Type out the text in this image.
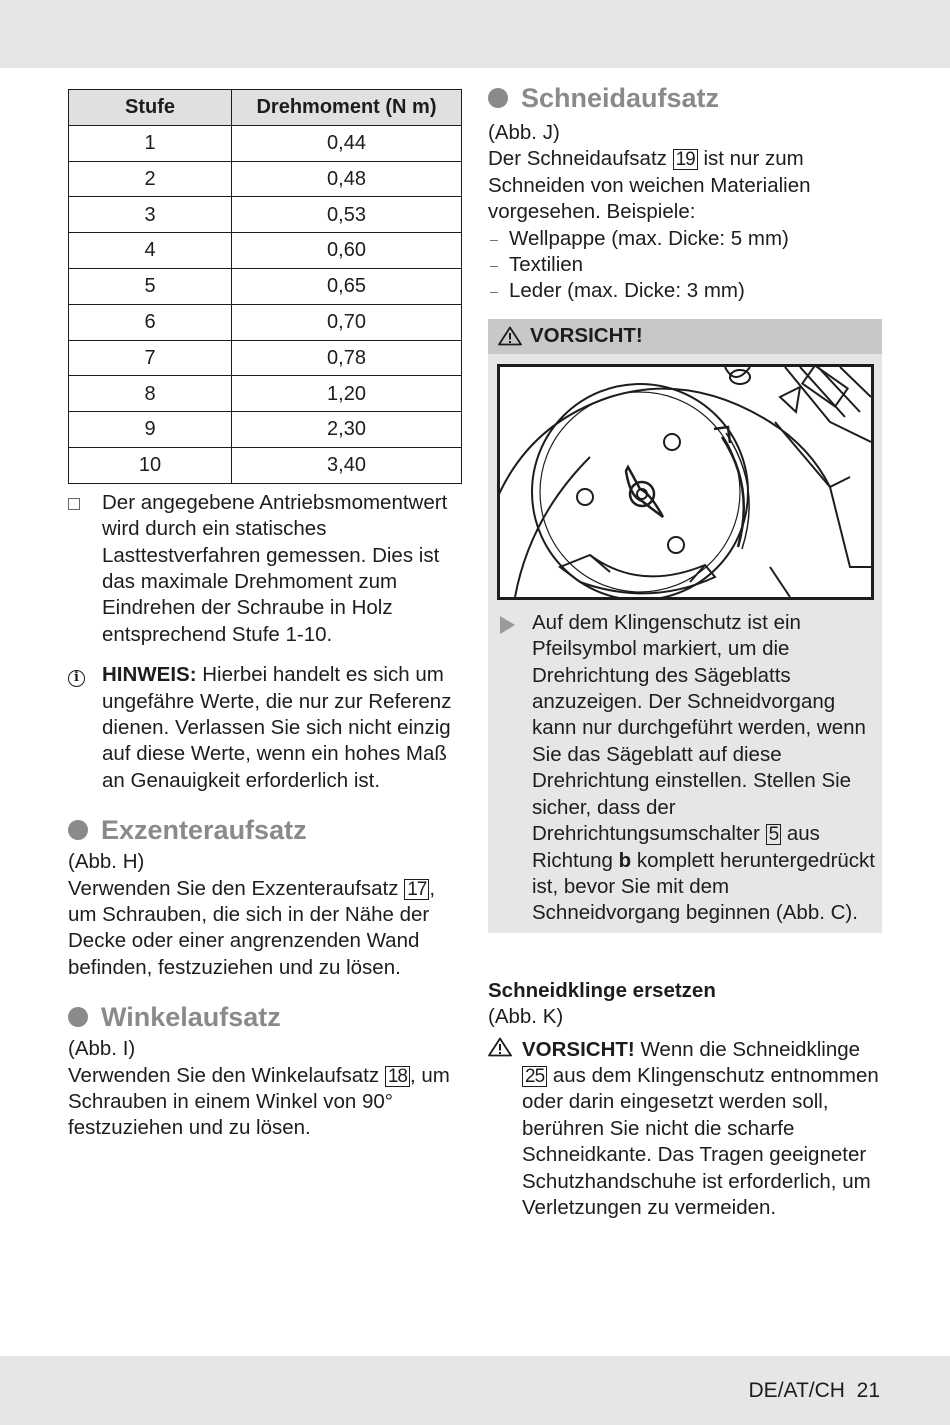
Stufe	Drehmoment (N m)
1	0,44
2	0,48
3	0,53
4	0,60
5	0,65
6	0,70
7	0,78
8	1,20
9	2,30
10	3,40

Der angegebene Antriebsmomentwert wird durch ein statisches Lasttestverfahren gemessen. Dies ist das maximale Drehmoment zum Eindrehen der Schraube in Holz entsprechend Stufe 1-10.

i	HINWEIS: Hierbei handelt es sich um ungefähre Werte, die nur zur Referenz dienen. Verlassen Sie sich nicht einzig auf diese Werte, wenn ein hohes Maß an Genauigkeit erforderlich ist.

Exzenteraufsatz

(Abb. H)

Verwenden Sie den Exzenteraufsatz 17 , um Schrauben, die sich in der Nähe der Decke oder einer angrenzenden Wand befinden, festzuziehen und zu lösen.

Winkelaufsatz

(Abb. I)

Verwenden Sie den Winkelaufsatz 18 , um Schrauben in einem Winkel von 90° festzuziehen und zu lösen.

Schneidaufsatz

(Abb. J)

Der Schneidaufsatz 19 ist nur zum Schneiden von weichen Materialien vorgesehen. Beispiele:

– Wellpappe (max. Dicke: 5 mm)
– Textilien
– Leder (max. Dicke: 3 mm)
VORSICHT!

Auf dem Klingenschutz ist ein Pfeilsymbol markiert, um die Drehrichtung des Sägeblatts anzuzeigen. Der Schneidvorgang kann nur durchgeführt werden, wenn Sie das Sägeblatt auf diese Drehrichtung einstellen. Stellen Sie sicher, dass der Drehrichtungsumschalter 5 aus Richtung b komplett heruntergedrückt ist, bevor Sie mit dem Schneidvorgang beginnen (Abb. C).

Schneidklinge ersetzen

(Abb. K)

VORSICHT! Wenn die Schneidklinge 25 aus dem Klingenschutz entnommen oder darin eingesetzt werden soll, berühren Sie nicht die scharfe Schneidkante. Das Tragen geeigneter Schutzhandschuhe ist erforderlich, um Verletzungen zu vermeiden.

DE/AT/CH 21
